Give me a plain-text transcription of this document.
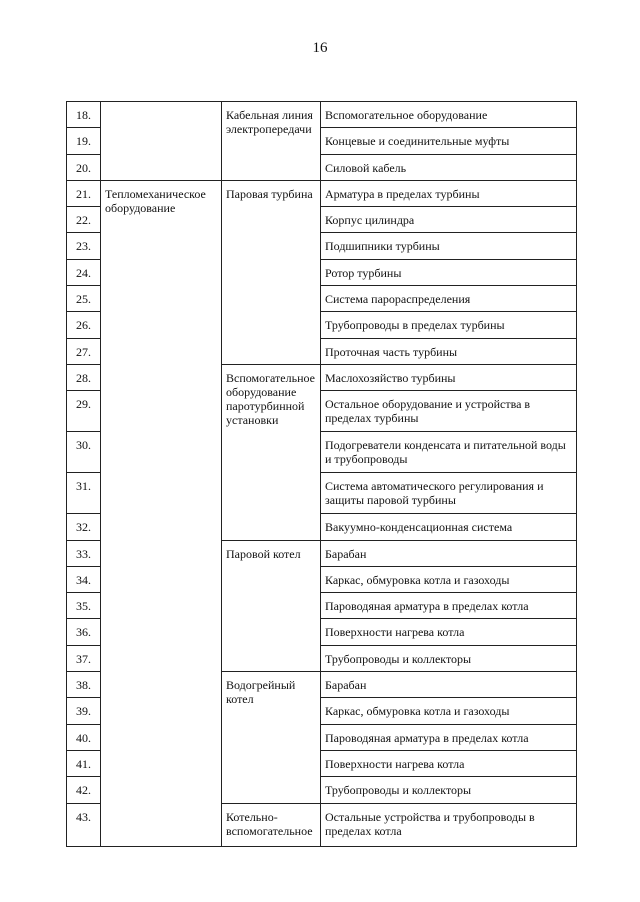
16
18.		Кабельная линия электропередачи	Вспомогательное оборудование
19.			Концевые и соединительные муфты
20.			Силовой кабель
21.	Тепломеханическое оборудование	Паровая турбина	Арматура в пределах турбины
22.			Корпус цилиндра
23.			Подшипники турбины
24.			Ротор турбины
25.			Система парораспределения
26.			Трубопроводы в пределах турбины
27.			Проточная часть турбины
28.		Вспомогательное оборудование паротурбинной установки	Маслохозяйство турбины
29.			Остальное оборудование и устройства в пределах турбины
30.			Подогреватели конденсата и питательной воды и трубопроводы
31.			Система автоматического регулирования и защиты паровой турбины
32.			Вакуумно-конденсационная система
33.		Паровой котел	Барабан
34.			Каркас, обмуровка котла и газоходы
35.			Пароводяная арматура в пределах котла
36.			Поверхности нагрева котла
37.			Трубопроводы и коллекторы
38.		Водогрейный котел	Барабан
39.			Каркас, обмуровка котла и газоходы
40.			Пароводяная арматура в пределах котла
41.			Поверхности нагрева котла
42.			Трубопроводы и коллекторы
43.		Котельно-вспомогательное	Остальные устройства и трубопроводы в пределах котла
